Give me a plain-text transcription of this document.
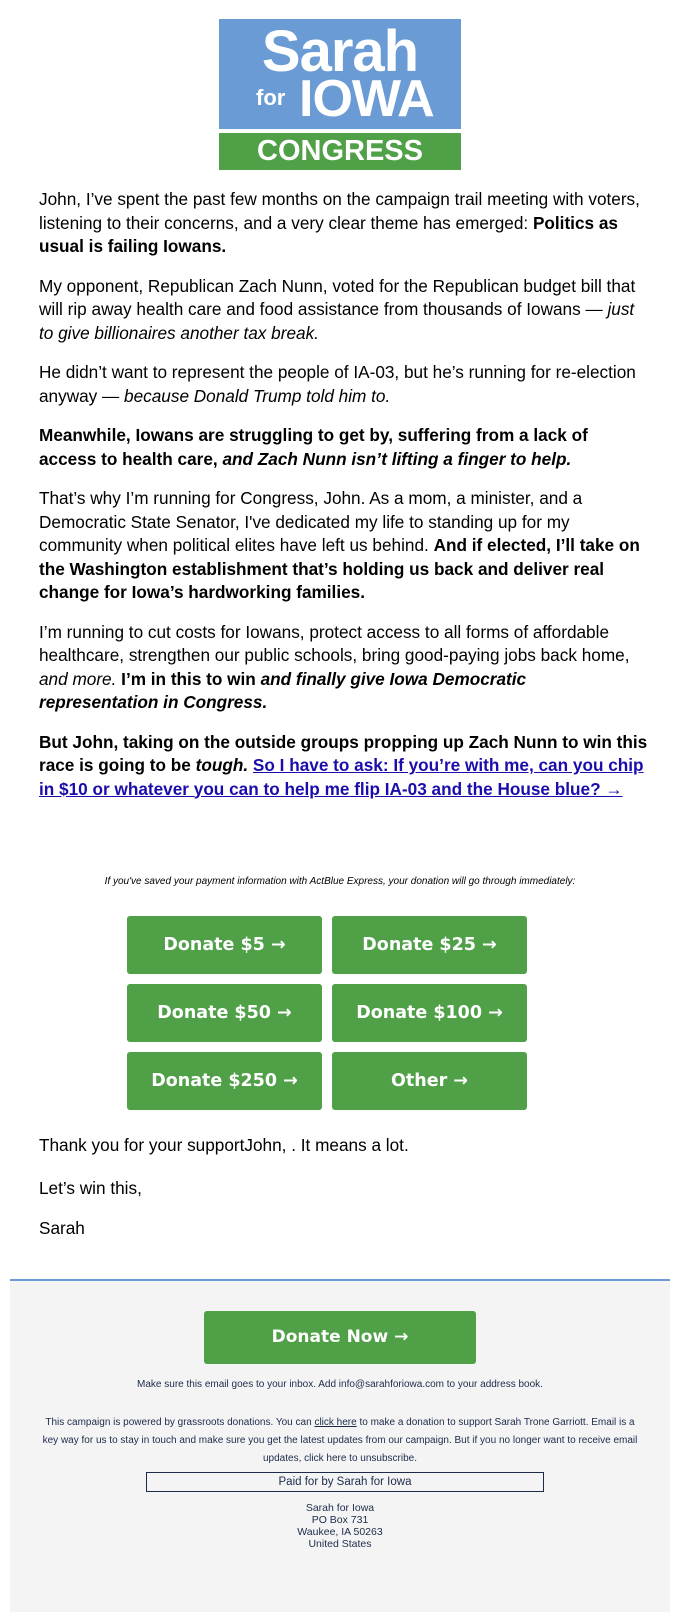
Sarah
for IOWA
CONGRESS

John, I’ve spent the past few months on the campaign trail meeting with voters, listening to their concerns, and a very clear theme has emerged: Politics as usual is failing Iowans.

My opponent, Republican Zach Nunn, voted for the Republican budget bill that will rip away health care and food assistance from thousands of Iowans — just to give billionaires another tax break.

He didn’t want to represent the people of IA-03, but he’s running for re-election anyway — because Donald Trump told him to.

Meanwhile, Iowans are struggling to get by, suffering from a lack of access to health care, and Zach Nunn isn’t lifting a finger to help.

That’s why I’m running for Congress, John. As a mom, a minister, and a Democratic State Senator, I've dedicated my life to standing up for my community when political elites have left us behind. And if elected, I’ll take on the Washington establishment that’s holding us back and deliver real change for Iowa’s hardworking families.

I’m running to cut costs for Iowans, protect access to all forms of affordable healthcare, strengthen our public schools, bring good-paying jobs back home, and more. I’m in this to win and finally give Iowa Democratic representation in Congress.

But John, taking on the outside groups propping up Zach Nunn to win this race is going to be tough. So I have to ask: If you’re with me, can you chip in $10 or whatever you can to help me flip IA-03 and the House blue? →

If you've saved your payment information with ActBlue Express, your donation will go through immediately:
Donate $5 →	Donate $25 →
Donate $50 →	Donate $100 →
Donate $250 →	Other →
Thank you for your supportJohn, . It means a lot.
Let’s win this,
Sarah
Donate Now →
Make sure this email goes to your inbox. Add info@sarahforiowa.com to your address book.
This campaign is powered by grassroots donations. You can click here to make a donation to support Sarah Trone Garriott. Email is a key way for us to stay in touch and make sure you get the latest updates from our campaign. But if you no longer want to receive email updates, click here to unsubscribe.
Paid for by Sarah for Iowa
Sarah for Iowa
PO Box 731
Waukee, IA 50263
United States
